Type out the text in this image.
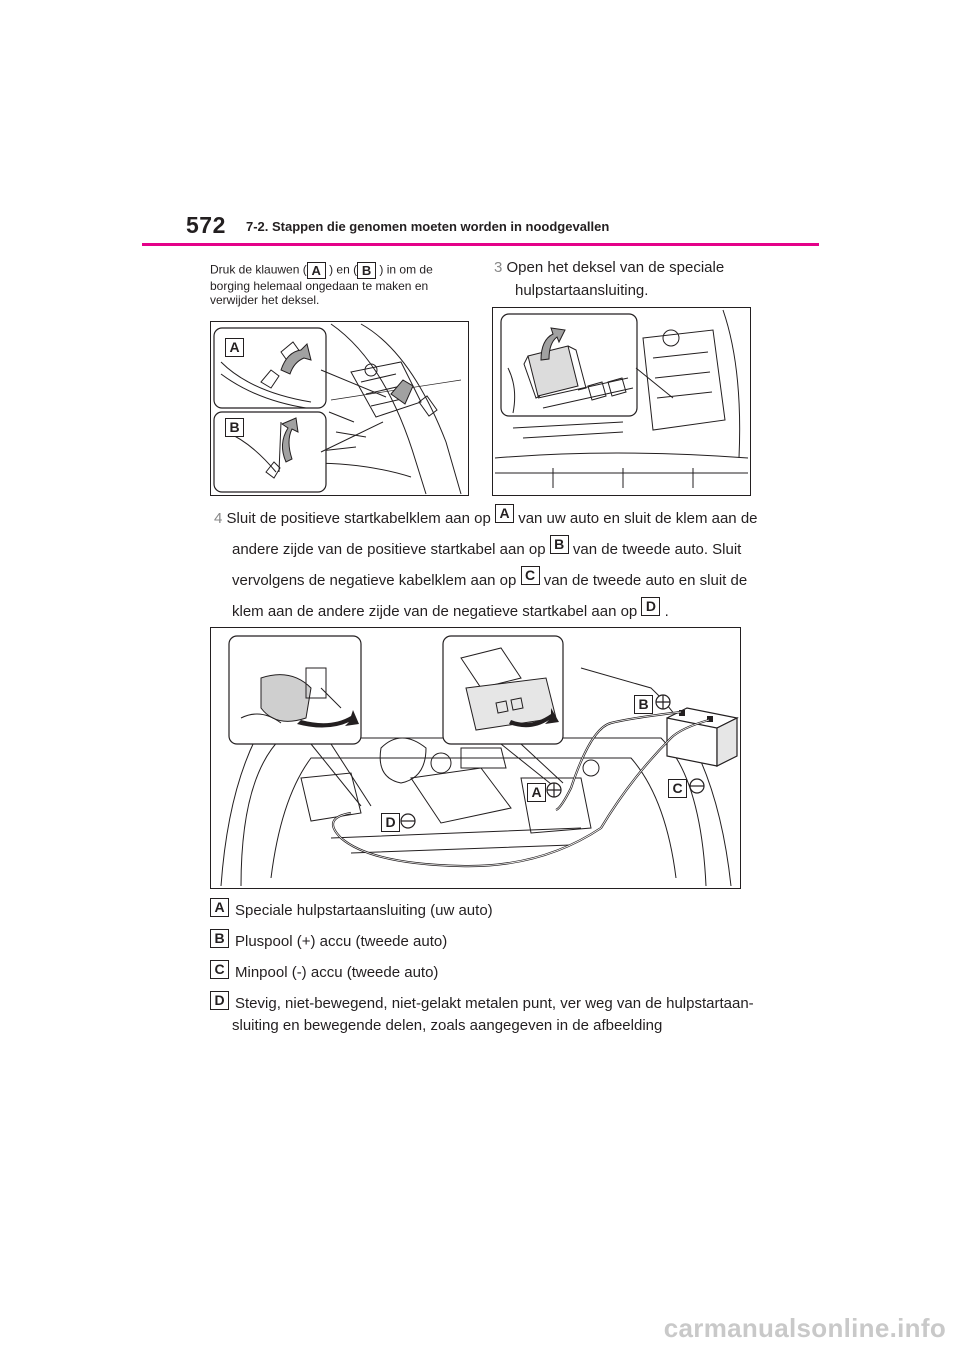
572 7-2. Stappen die genomen moeten worden in noodgevallen
Druk de klauwen ( A ) en ( B ) in om de
borging helemaal ongedaan te maken en
verwijder het deksel.
3 Open het deksel van de speciale
hulpstartaansluiting.
A
B
4 Sluit de positieve startkabelklem aan op A van uw auto en sluit de klem aan de
andere zijde van de positieve startkabel aan op B van de tweede auto. Sluit
vervolgens de negatieve kabelklem aan op C van de tweede auto en sluit de
klem aan de andere zijde van de negatieve startkabel aan op D .
B
C
A
D
A Speciale hulpstartaansluiting (uw auto)
B Pluspool (+) accu (tweede auto)
C Minpool (-) accu (tweede auto)
D Stevig, niet-bewegend, niet-gelakt metalen punt, ver weg van de hulpstartaan-
sluiting en bewegende delen, zoals aangegeven in de afbeelding
carmanualsonline.info
